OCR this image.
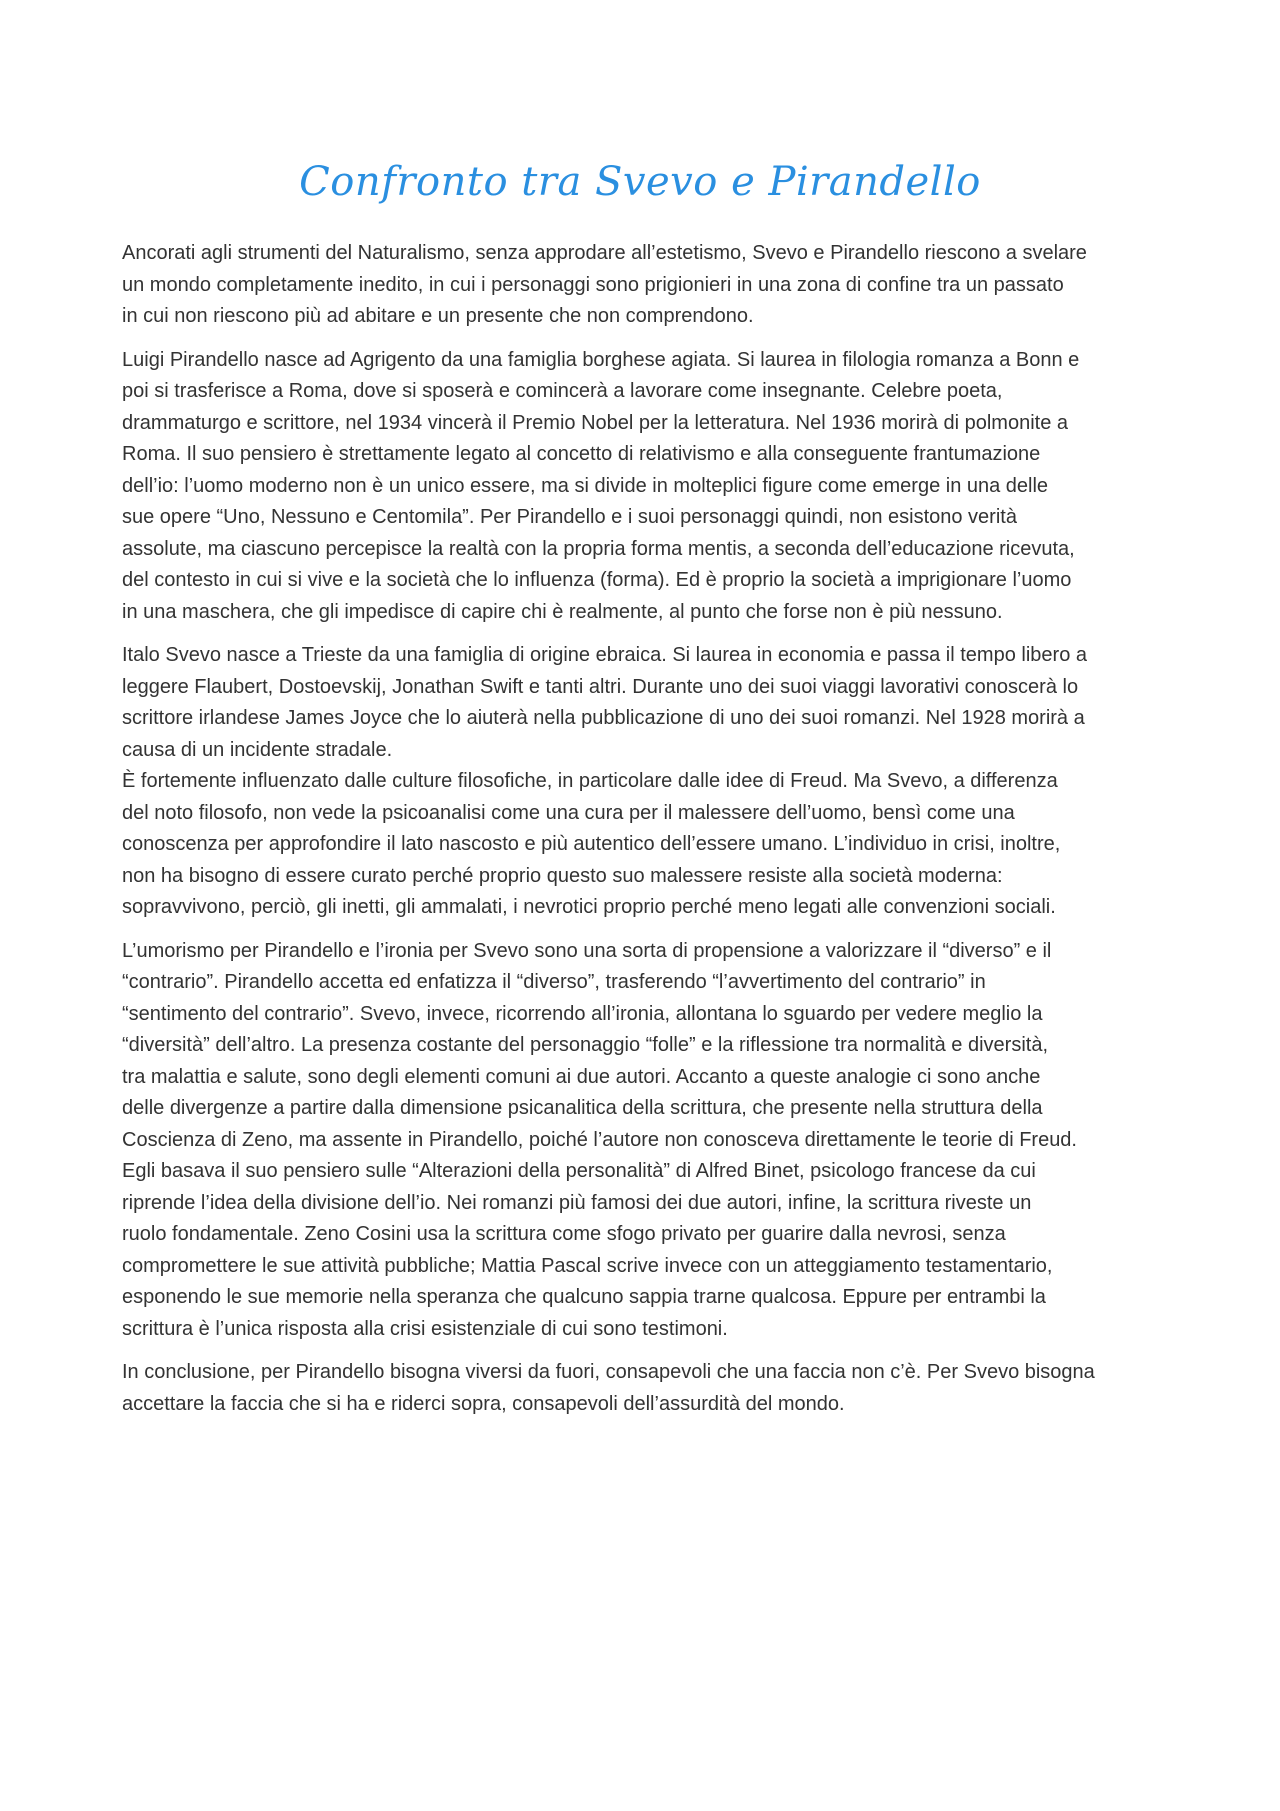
Confronto tra Svevo e Pirandello

Ancorati agli strumenti del Naturalismo, senza approdare all’estetismo, Svevo e Pirandello riescono a svelare
un mondo completamente inedito, in cui i personaggi sono prigionieri in una zona di confine tra un passato
in cui non riescono più ad abitare e un presente che non comprendono.

Luigi Pirandello nasce ad Agrigento da una famiglia borghese agiata. Si laurea in filologia romanza a Bonn e
poi si trasferisce a Roma, dove si sposerà e comincerà a lavorare come insegnante. Celebre poeta,
drammaturgo e scrittore, nel 1934 vincerà il Premio Nobel per la letteratura. Nel 1936 morirà di polmonite a
Roma. Il suo pensiero è strettamente legato al concetto di relativismo e alla conseguente frantumazione
dell’io: l’uomo moderno non è un unico essere, ma si divide in molteplici figure come emerge in una delle
sue opere “Uno, Nessuno e Centomila”. Per Pirandello e i suoi personaggi quindi, non esistono verità
assolute, ma ciascuno percepisce la realtà con la propria forma mentis, a seconda dell’educazione ricevuta,
del contesto in cui si vive e la società che lo influenza (forma). Ed è proprio la società a imprigionare l’uomo
in una maschera, che gli impedisce di capire chi è realmente, al punto che forse non è più nessuno.

Italo Svevo nasce a Trieste da una famiglia di origine ebraica. Si laurea in economia e passa il tempo libero a
leggere Flaubert, Dostoevskij, Jonathan Swift e tanti altri. Durante uno dei suoi viaggi lavorativi conoscerà lo
scrittore irlandese James Joyce che lo aiuterà nella pubblicazione di uno dei suoi romanzi. Nel 1928 morirà a
causa di un incidente stradale.
È fortemente influenzato dalle culture filosofiche, in particolare dalle idee di Freud. Ma Svevo, a differenza
del noto filosofo, non vede la psicoanalisi come una cura per il malessere dell’uomo, bensì come una
conoscenza per approfondire il lato nascosto e più autentico dell’essere umano. L’individuo in crisi, inoltre,
non ha bisogno di essere curato perché proprio questo suo malessere resiste alla società moderna:
sopravvivono, perciò, gli inetti, gli ammalati, i nevrotici proprio perché meno legati alle convenzioni sociali.

L’umorismo per Pirandello e l’ironia per Svevo sono una sorta di propensione a valorizzare il “diverso” e il
“contrario”. Pirandello accetta ed enfatizza il “diverso”, trasferendo “l’avvertimento del contrario” in
“sentimento del contrario”. Svevo, invece, ricorrendo all’ironia, allontana lo sguardo per vedere meglio la
“diversità” dell’altro. La presenza costante del personaggio “folle” e la riflessione tra normalità e diversità,
tra malattia e salute, sono degli elementi comuni ai due autori. Accanto a queste analogie ci sono anche
delle divergenze a partire dalla dimensione psicanalitica della scrittura, che presente nella struttura della
Coscienza di Zeno, ma assente in Pirandello, poiché l’autore non conosceva direttamente le teorie di Freud.
Egli basava il suo pensiero sulle “Alterazioni della personalità” di Alfred Binet, psicologo francese da cui
riprende l’idea della divisione dell’io. Nei romanzi più famosi dei due autori, infine, la scrittura riveste un
ruolo fondamentale. Zeno Cosini usa la scrittura come sfogo privato per guarire dalla nevrosi, senza
compromettere le sue attività pubbliche; Mattia Pascal scrive invece con un atteggiamento testamentario,
esponendo le sue memorie nella speranza che qualcuno sappia trarne qualcosa. Eppure per entrambi la
scrittura è l’unica risposta alla crisi esistenziale di cui sono testimoni.

In conclusione, per Pirandello bisogna viversi da fuori, consapevoli che una faccia non c’è. Per Svevo bisogna
accettare la faccia che si ha e riderci sopra, consapevoli dell’assurdità del mondo.
